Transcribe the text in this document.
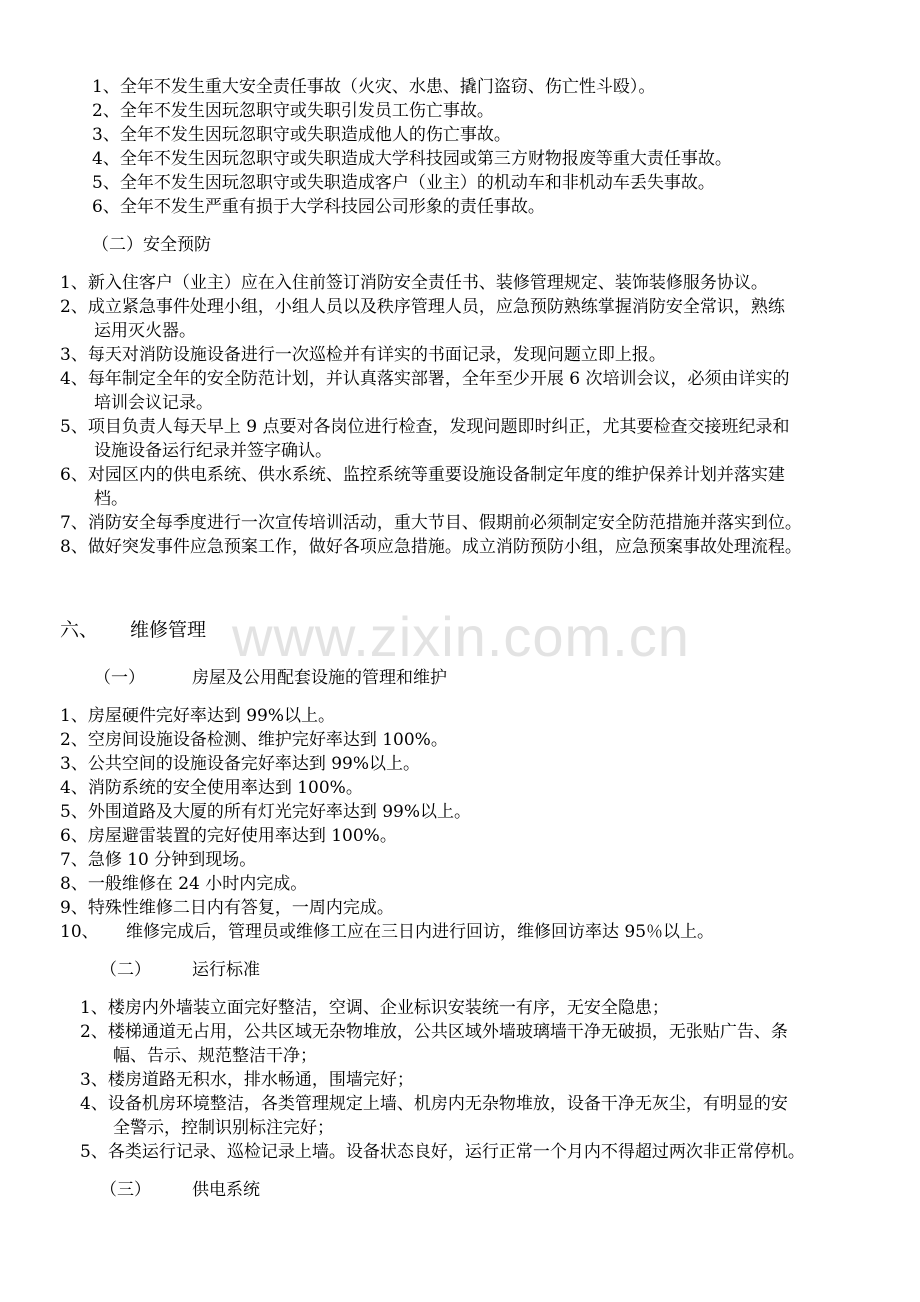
www.zixin.com.cn
1、全年不发生重大安全责任事故（火灾、水患、撬门盗窃、伤亡性斗殴）。
2、全年不发生因玩忽职守或失职引发员工伤亡事故。
3、全年不发生因玩忽职守或失职造成他人的伤亡事故。
4、全年不发生因玩忽职守或失职造成大学科技园或第三方财物报废等重大责任事故。
5、全年不发生因玩忽职守或失职造成客户（业主）的机动车和非机动车丢失事故。
6、全年不发生严重有损于大学科技园公司形象的责任事故。
（二）安全预防
1、新入住客户（业主）应在入住前签订消防安全责任书、装修管理规定、装饰装修服务协议。
2、成立紧急事件处理小组，小组人员以及秩序管理人员，应急预防熟练掌握消防安全常识，熟练
运用灭火器。
3、每天对消防设施设备进行一次巡检并有详实的书面记录，发现问题立即上报。
4、每年制定全年的安全防范计划，并认真落实部署，全年至少开展 6 次培训会议，必须由详实的
培训会议记录。
5、项目负责人每天早上 9 点要对各岗位进行检查，发现问题即时纠正，尤其要检查交接班纪录和
设施设备运行纪录并签字确认。
6、对园区内的供电系统、供水系统、监控系统等重要设施设备制定年度的维护保养计划并落实建
档。
7、消防安全每季度进行一次宣传培训活动，重大节目、假期前必须制定安全防范措施并落实到位。
8、做好突发事件应急预案工作，做好各项应急措施。成立消防预防小组，应急预案事故处理流程。
六、 维修管理
（一）	房屋及公用配套设施的管理和维护
1、房屋硬件完好率达到 99%以上。
2、空房间设施设备检测、维护完好率达到 100%。
3、公共空间的设施设备完好率达到 99%以上。
4、消防系统的安全使用率达到 100%。
5、外围道路及大厦的所有灯光完好率达到 99%以上。
6、房屋避雷装置的完好使用率达到 100%。
7、急修 10 分钟到现场。
8、一般维修在 24 小时内完成。
9、特殊性维修二日内有答复，一周内完成。
10、 维修完成后，管理员或维修工应在三日内进行回访，维修回访率达 95％以上。
（二） 运行标准
1、楼房内外墙装立面完好整洁，空调、企业标识安装统一有序，无安全隐患；
2、楼梯通道无占用，公共区域无杂物堆放，公共区域外墙玻璃墙干净无破损，无张贴广告、条
幅、告示、规范整洁干净；
3、楼房道路无积水，排水畅通，围墙完好；
4、设备机房环境整洁，各类管理规定上墙、机房内无杂物堆放，设备干净无灰尘，有明显的安
全警示，控制识别标注完好；
5、各类运行记录、巡检记录上墙。设备状态良好，运行正常一个月内不得超过两次非正常停机。
（三） 供电系统
